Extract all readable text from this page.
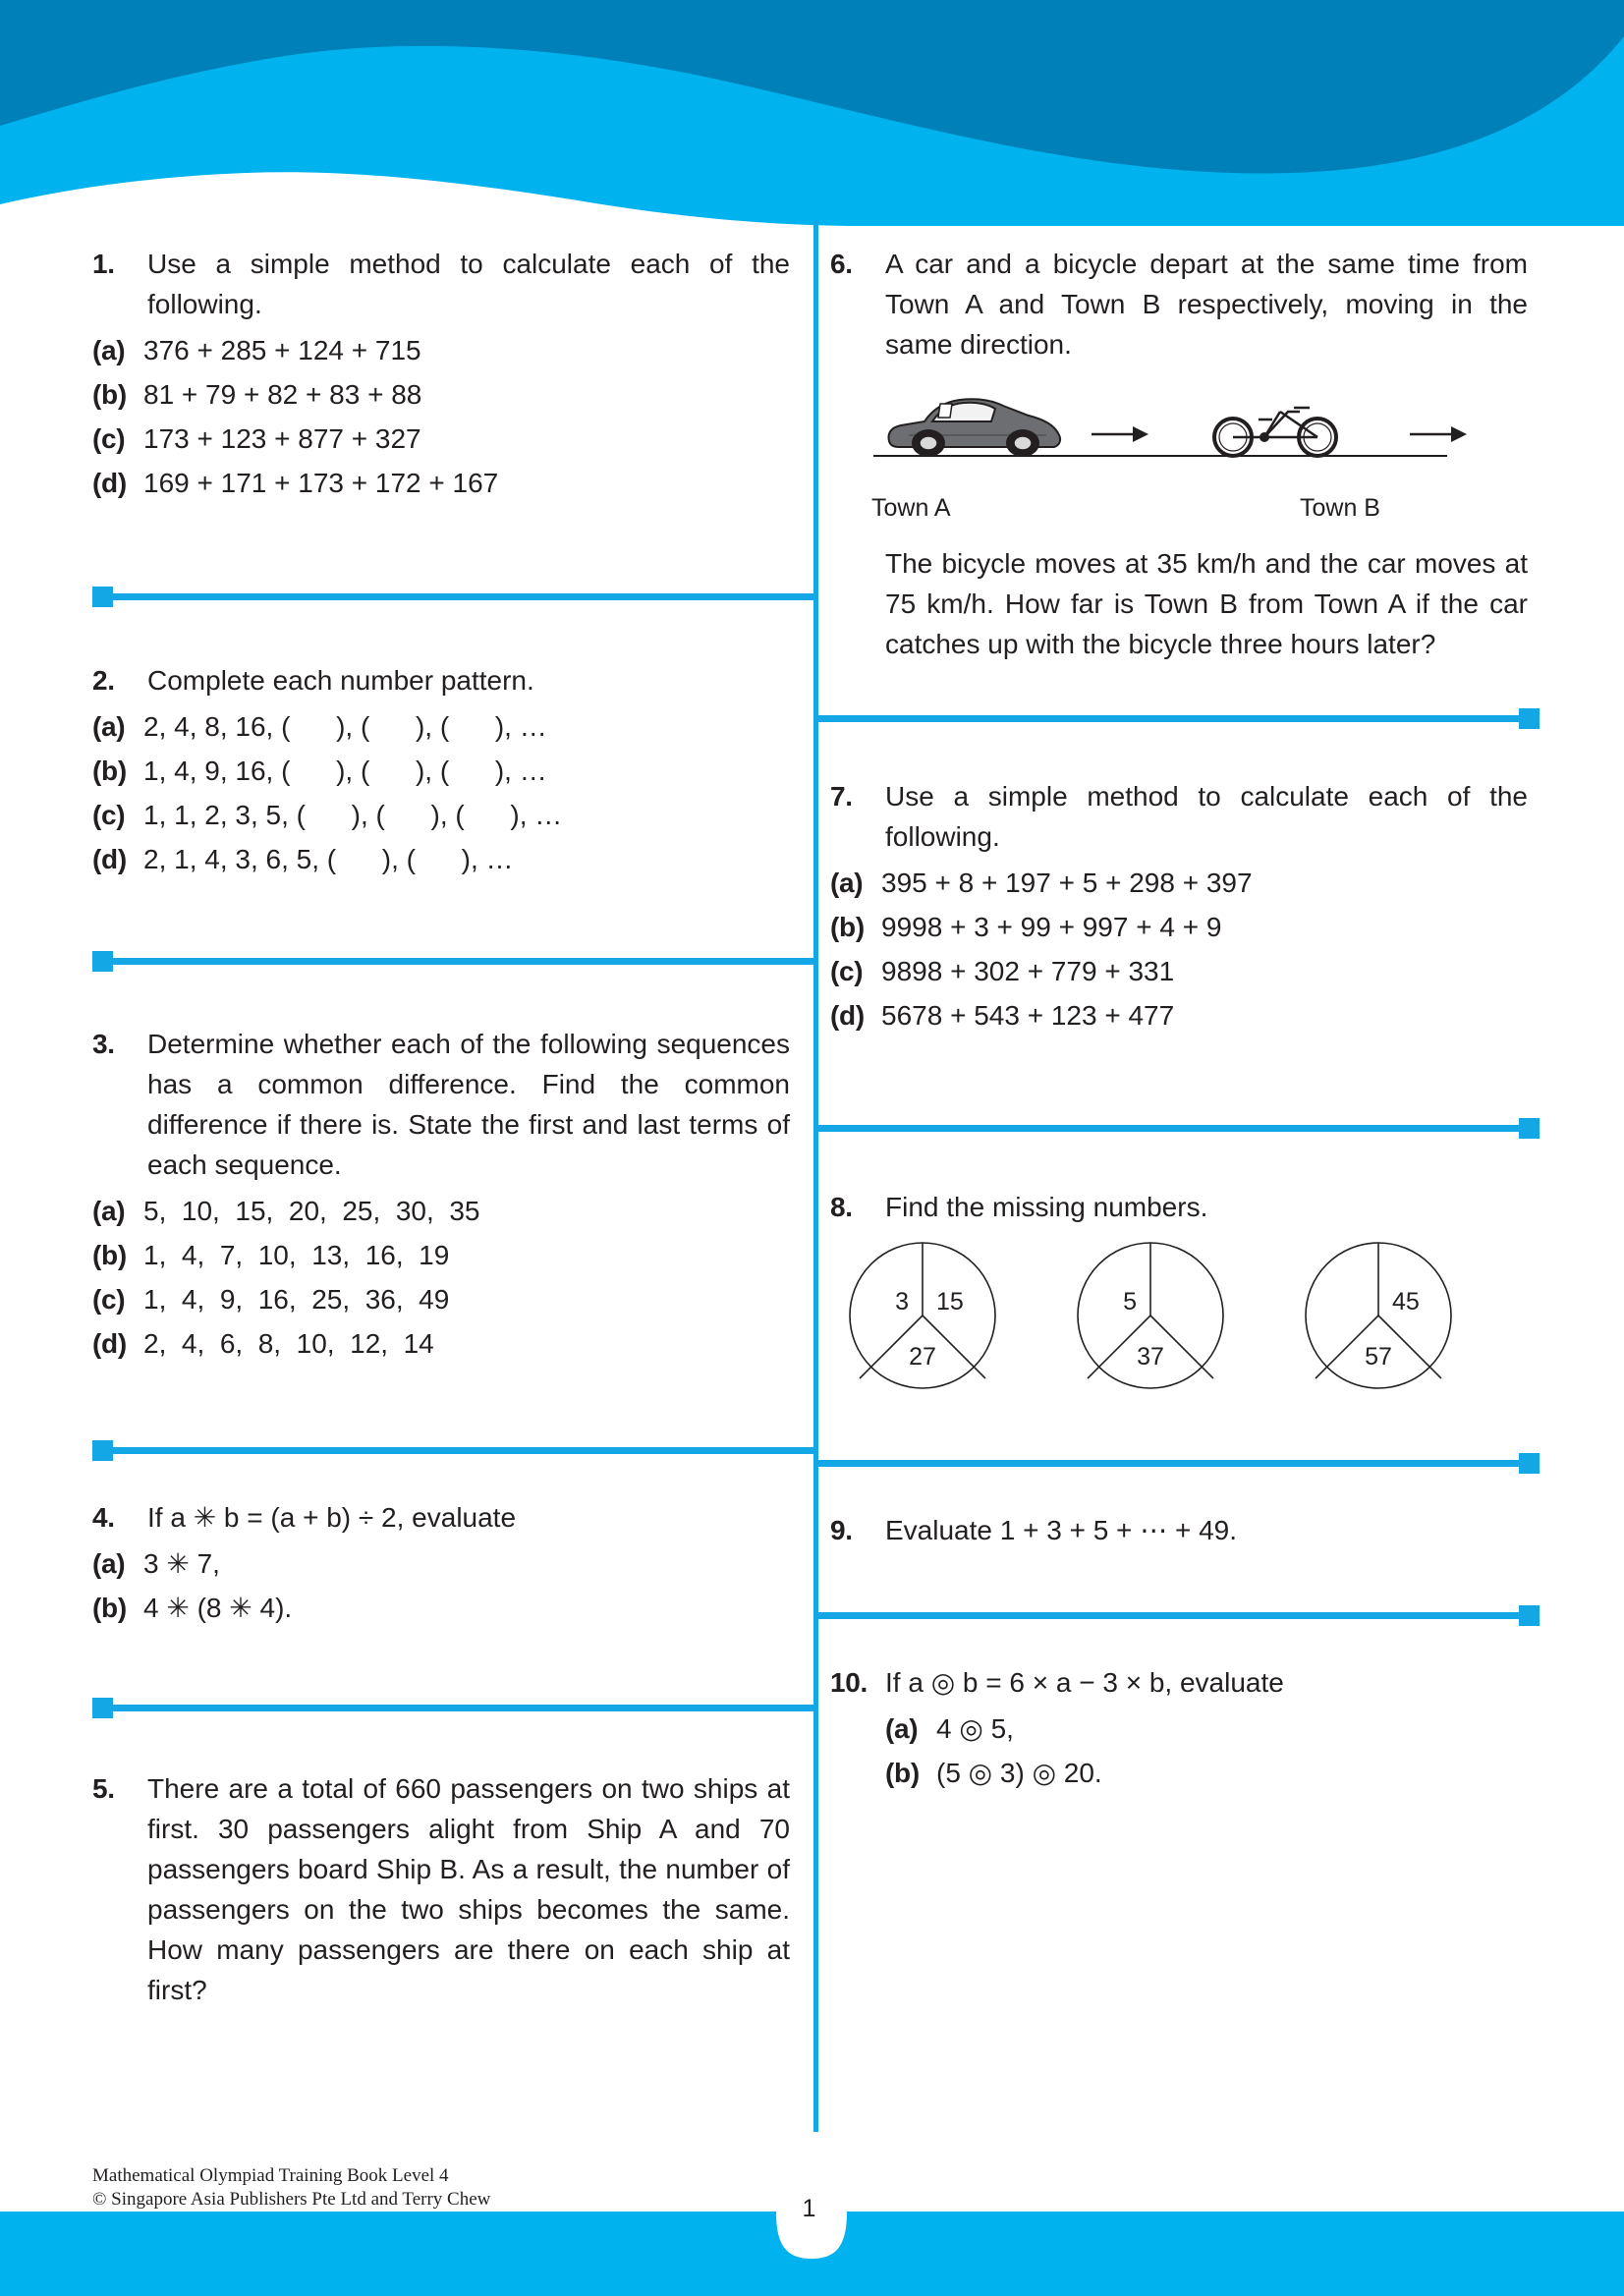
1.	Use a simple method to calculate each of the following.
(a) 376 + 285 + 124 + 715
(b) 81 + 79 + 82 + 83 + 88
(c) 173 + 123 + 877 + 327
(d) 169 + 171 + 173 + 172 + 167
2.	Complete each number pattern.
(a) 2, 4, 8, 16, (      ), (      ), (      ), …
(b) 1, 4, 9, 16, (      ), (      ), (      ), …
(c) 1, 1, 2, 3, 5, (      ), (      ), (      ), …
(d) 2, 1, 4, 3, 6, 5, (      ), (      ), …
3.	Determine whether each of the following sequences has a common difference. Find the common difference if there is. State the first and last terms of each sequence.
(a) 5,  10,  15,  20,  25,  30,  35
(b) 1,  4,  7,  10,  13,  16,  19
(c) 1,  4,  9,  16,  25,  36,  49
(d) 2,  4,  6,  8,  10,  12,  14
4.	If a ✳ b = (a + b) ÷ 2, evaluate
(a) 3 ✳ 7,
(b) 4 ✳ (8 ✳ 4).
5.	There are a total of 660 passengers on two ships at first. 30 passengers alight from Ship A and 70 passengers board Ship B. As a result, the number of passengers on the two ships becomes the same. How many passengers are there on each ship at first?
6.	A car and a bicycle depart at the same time from Town A and Town B respectively, moving in the same direction.
Town A	Town B
The bicycle moves at 35 km/h and the car moves at 75 km/h. How far is Town B from Town A if the car catches up with the bicycle three hours later?
7.	Use a simple method to calculate each of the following.
(a) 395 + 8 + 197 + 5 + 298 + 397
(b) 9998 + 3 + 99 + 997 + 4 + 9
(c) 9898 + 302 + 779 + 331
(d) 5678 + 543 + 123 + 477
8.	Find the missing numbers.
3 15
27
5
37
45
57
9.	Evaluate 1 + 3 + 5 + ⋯ + 49.
10. If a ◎ b = 6 × a − 3 × b, evaluate
(a) 4 ◎ 5,
(b) (5 ◎ 3) ◎ 20.
Mathematical Olympiad Training Book Level 4
© Singapore Asia Publishers Pte Ltd and Terry Chew	1
